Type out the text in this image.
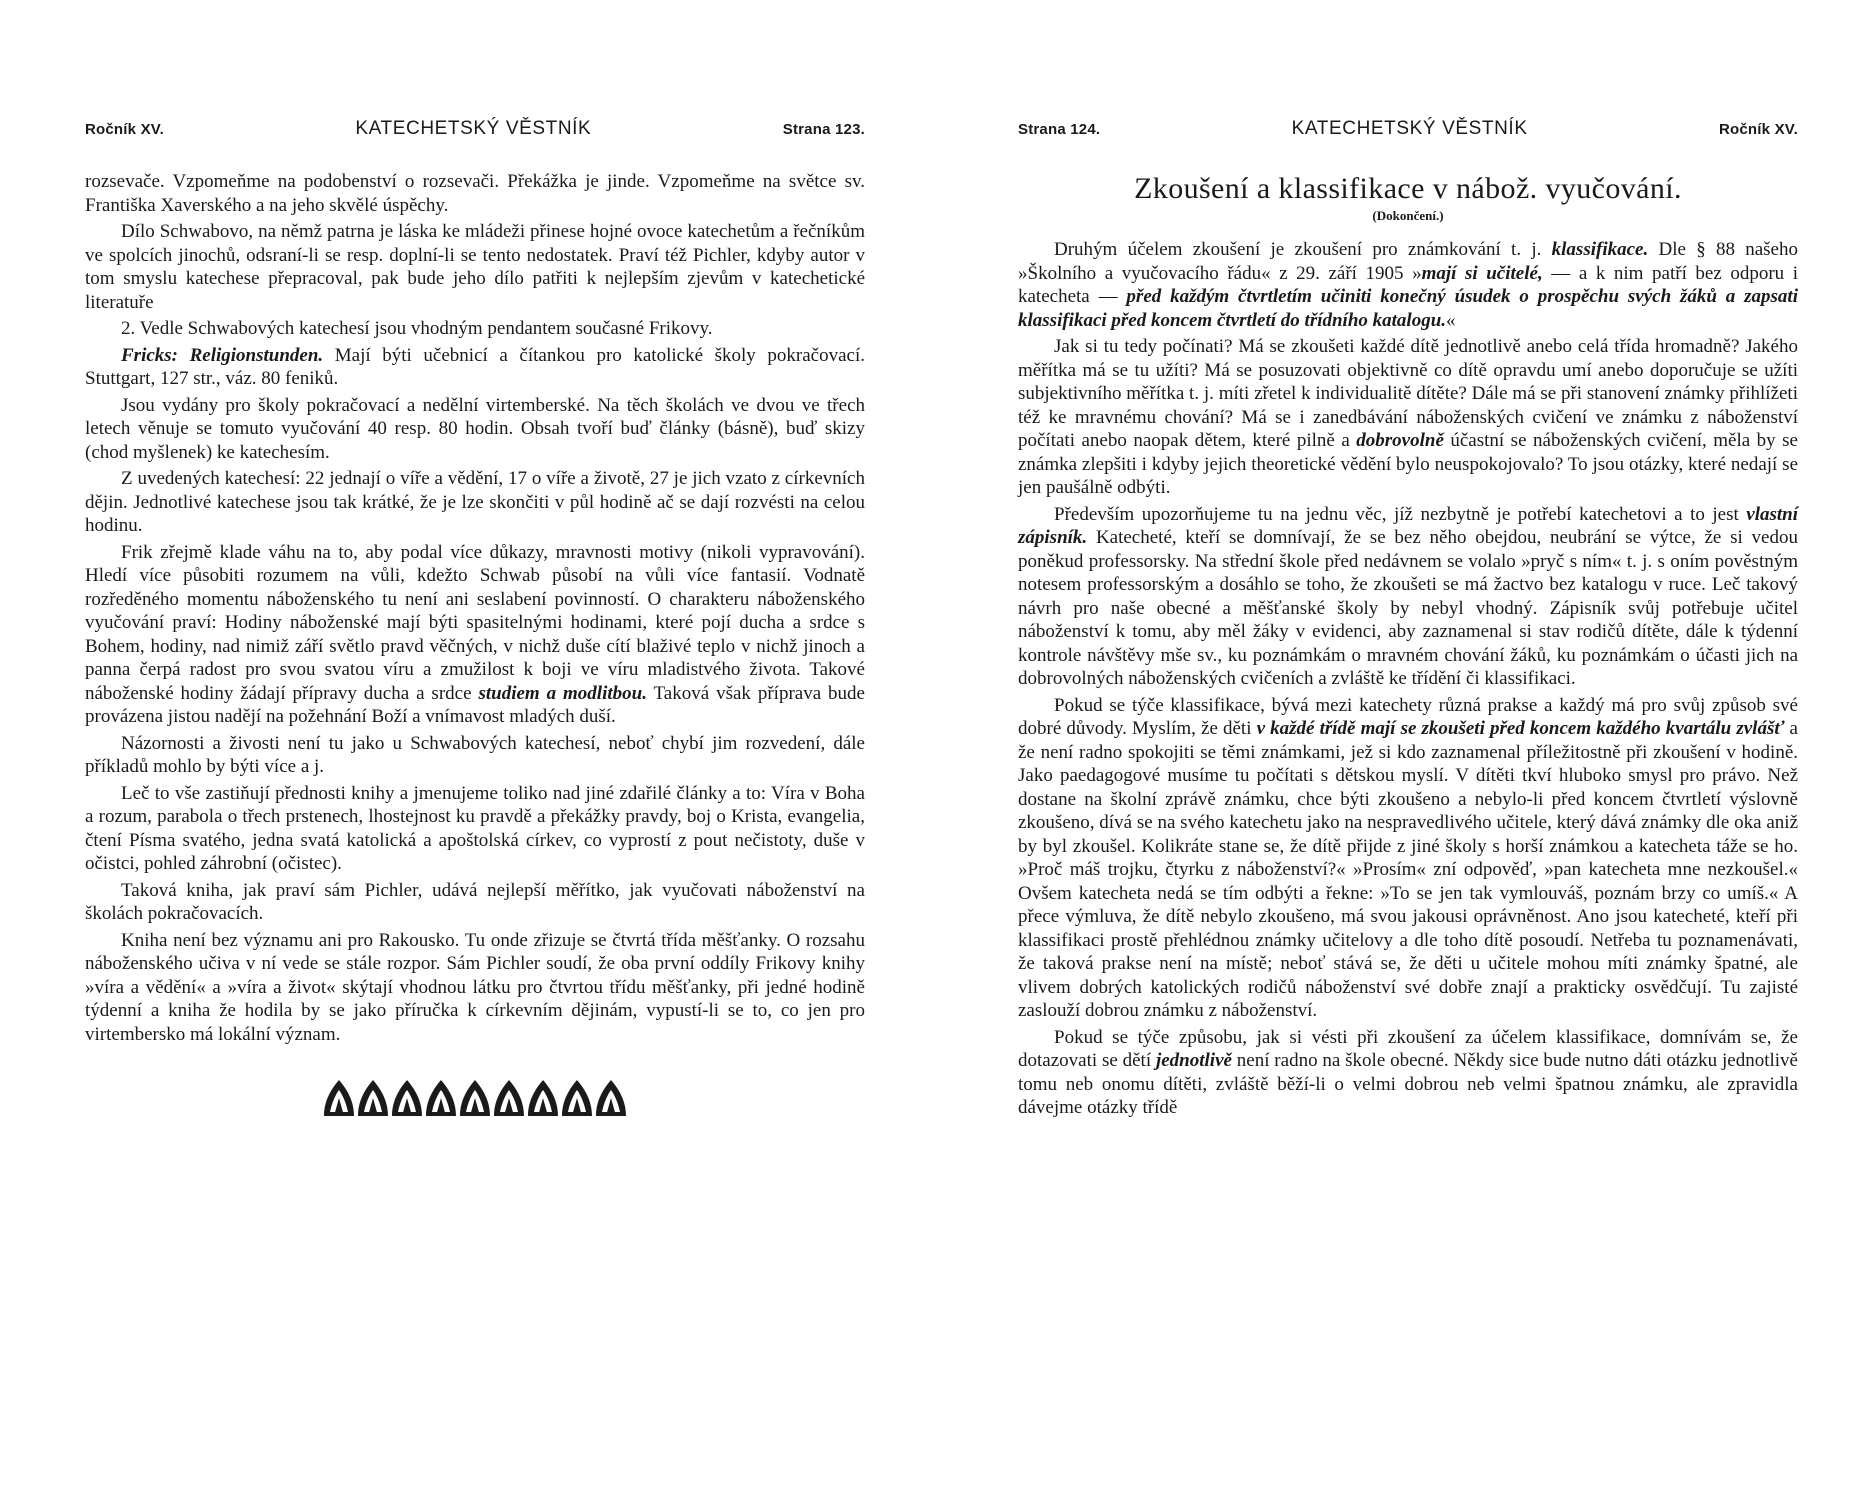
Ročník XV.	KATECHETSKÝ VĚSTNÍK	Strana 123.

rozsevače. Vzpomeňme na podobenství o rozsevači. Překážka je jinde. Vzpomeňme na světce sv. Františka Xaverského a na jeho skvělé úspěchy.

Dílo Schwabovo, na němž patrna je láska ke mládeži přinese hojné ovoce katechetům a řečníkům ve spolcích jinochů, odsraní-li se resp. doplní-li se tento nedostatek. Praví též Pichler, kdyby autor v tom smyslu katechese přepracoval, pak bude jeho dílo patřiti k nejlepším zjevům v katechetické literatuře

2. Vedle Schwabových katechesí jsou vhodným pendantem současné Frikovy.

Fricks: Religionstunden. Mají býti učebnicí a čítankou pro katolické školy pokračovací. Stuttgart, 127 str., váz. 80 feniků.

Jsou vydány pro školy pokračovací a nedělní virtemberské. Na těch školách ve dvou ve třech letech věnuje se tomuto vyučování 40 resp. 80 hodin. Obsah tvoří buď články (básně), buď skizy (chod myšlenek) ke katechesím.

Z uvedených katechesí: 22 jednají o víře a vědění, 17 o víře a životě, 27 je jich vzato z církevních dějin. Jednotlivé katechese jsou tak krátké, že je lze skončiti v půl hodině ač se dají rozvésti na celou hodinu.

Frik zřejmě klade váhu na to, aby podal více důkazy, mravnosti motivy (nikoli vypravování). Hledí více působiti rozumem na vůli, kdežto Schwab působí na vůli více fantasií. Vodnatě rozředěného momentu náboženského tu není ani seslabení povinností. O charakteru náboženského vyučování praví: Hodiny náboženské mají býti spasitelnými hodinami, které pojí ducha a srdce s Bohem, hodiny, nad nimiž září světlo pravd věčných, v nichž duše cítí blaživé teplo v nichž jinoch a panna čerpá radost pro svou svatou víru a zmužilost k boji ve víru mladistvého života. Takové náboženské hodiny žádají přípravy ducha a srdce studiem a modlitbou. Taková však příprava bude provázena jistou nadějí na požehnání Boží a vnímavost mladých duší.

Názornosti a živosti není tu jako u Schwabových katechesí, neboť chybí jim rozvedení, dále příkladů mohlo by býti více a j.

Leč to vše zastiňují přednosti knihy a jmenujeme toliko nad jiné zdařilé články a to: Víra v Boha a rozum, parabola o třech prstenech, lhostejnost ku pravdě a překážky pravdy, boj o Krista, evangelia, čtení Písma svatého, jedna svatá katolická a apoštolská církev, co vyprostí z pout nečistoty, duše v očistci, pohled záhrobní (očistec).

Taková kniha, jak praví sám Pichler, udává nejlepší měřítko, jak vyučovati náboženství na školách pokračovacích.

Kniha není bez významu ani pro Rakousko. Tu onde zřizuje se čtvrtá třída měšťanky. O rozsahu náboženského učiva v ní vede se stále rozpor. Sám Pichler soudí, že oba první oddíly Frikovy knihy »víra a vědění« a »víra a život« skýtají vhodnou látku pro čtvrtou třídu měšťanky, při jedné hodině týdenní a kniha že hodila by se jako příručka k církevním dějinám, vypustí-li se to, co jen pro virtembersko má lokální význam.

Strana 124.	KATECHETSKÝ VĚSTNÍK	Ročník XV.
Zkoušení a klassifikace v nábož. vyučování.
(Dokončení.)

Druhým účelem zkoušení je zkoušení pro známkování t. j. klassifikace. Dle § 88 našeho »Školního a vyučovacího řádu« z 29. září 1905 »mají si učitelé, — a k nim patří bez odporu i katecheta — před každým čtvrtletím učiniti konečný úsudek o prospěchu svých žáků a zapsati klassifikaci před koncem čtvrtletí do třídního katalogu.«

Jak si tu tedy počínati? Má se zkoušeti každé dítě jednotlivě anebo celá třída hromadně? Jakého měřítka má se tu užíti? Má se posuzovati objektivně co dítě opravdu umí anebo doporučuje se užíti subjektivního měřítka t. j. míti zřetel k individualitě dítěte? Dále má se při stanovení známky přihlížeti též ke mravnému chování? Má se i zanedbávání náboženských cvičení ve známku z náboženství počítati anebo naopak dětem, které pilně a dobrovolně účastní se náboženských cvičení, měla by se známka zlepšiti i kdyby jejich theoretické vědění bylo neuspokojovalo? To jsou otázky, které nedají se jen paušálně odbýti.

Především upozorňujeme tu na jednu věc, jíž nezbytně je potřebí katechetovi a to jest vlastní zápisník. Katecheté, kteří se domnívají, že se bez něho obejdou, neubrání se výtce, že si vedou poněkud professorsky. Na střední škole před nedávnem se volalo »pryč s ním« t. j. s oním pověstným notesem professorským a dosáhlo se toho, že zkoušeti se má žactvo bez katalogu v ruce. Leč takový návrh pro naše obecné a měšťanské školy by nebyl vhodný. Zápisník svůj potřebuje učitel náboženství k tomu, aby měl žáky v evidenci, aby zaznamenal si stav rodičů dítěte, dále k týdenní kontrole návštěvy mše sv., ku poznámkám o mravném chování žáků, ku poznámkám o účasti jich na dobrovolných náboženských cvičeních a zvláště ke třídění či klassifikaci.

Pokud se týče klassifikace, bývá mezi katechety různá prakse a každý má pro svůj způsob své dobré důvody. Myslím, že děti v každé třídě mají se zkoušeti před koncem každého kvartálu zvlášť a že není radno spokojiti se těmi známkami, jež si kdo zaznamenal příležitostně při zkoušení v hodině. Jako paedagogové musíme tu počítati s dětskou myslí. V dítěti tkví hluboko smysl pro právo. Než dostane na školní zprávě známku, chce býti zkoušeno a nebylo-li před koncem čtvrtletí výslovně zkoušeno, dívá se na svého katechetu jako na nespravedlivého učitele, který dává známky dle oka aniž by byl zkoušel. Kolikráte stane se, že dítě přijde z jiné školy s horší známkou a katecheta táže se ho. »Proč máš trojku, čtyrku z náboženství?« »Prosím« zní odpověď, »pan katecheta mne nezkoušel.« Ovšem katecheta nedá se tím odbýti a řekne: »To se jen tak vymlouváš, poznám brzy co umíš.« A přece výmluva, že dítě nebylo zkoušeno, má svou jakousi oprávněnost. Ano jsou katecheté, kteří při klassifikaci prostě přehlédnou známky učitelovy a dle toho dítě posoudí. Netřeba tu poznamenávati, že taková prakse není na místě; neboť stává se, že děti u učitele mohou míti známky špatné, ale vlivem dobrých katolických rodičů náboženství své dobře znají a prakticky osvědčují. Tu zajisté zaslouží dobrou známku z náboženství.

Pokud se týče způsobu, jak si vésti při zkoušení za účelem klassifikace, domnívám se, že dotazovati se dětí jednotlivě není radno na škole obecné. Někdy sice bude nutno dáti otázku jednotlivě tomu neb onomu dítěti, zvláště běží-li o velmi dobrou neb velmi špatnou známku, ale zpravidla dávejme otázky třídě
